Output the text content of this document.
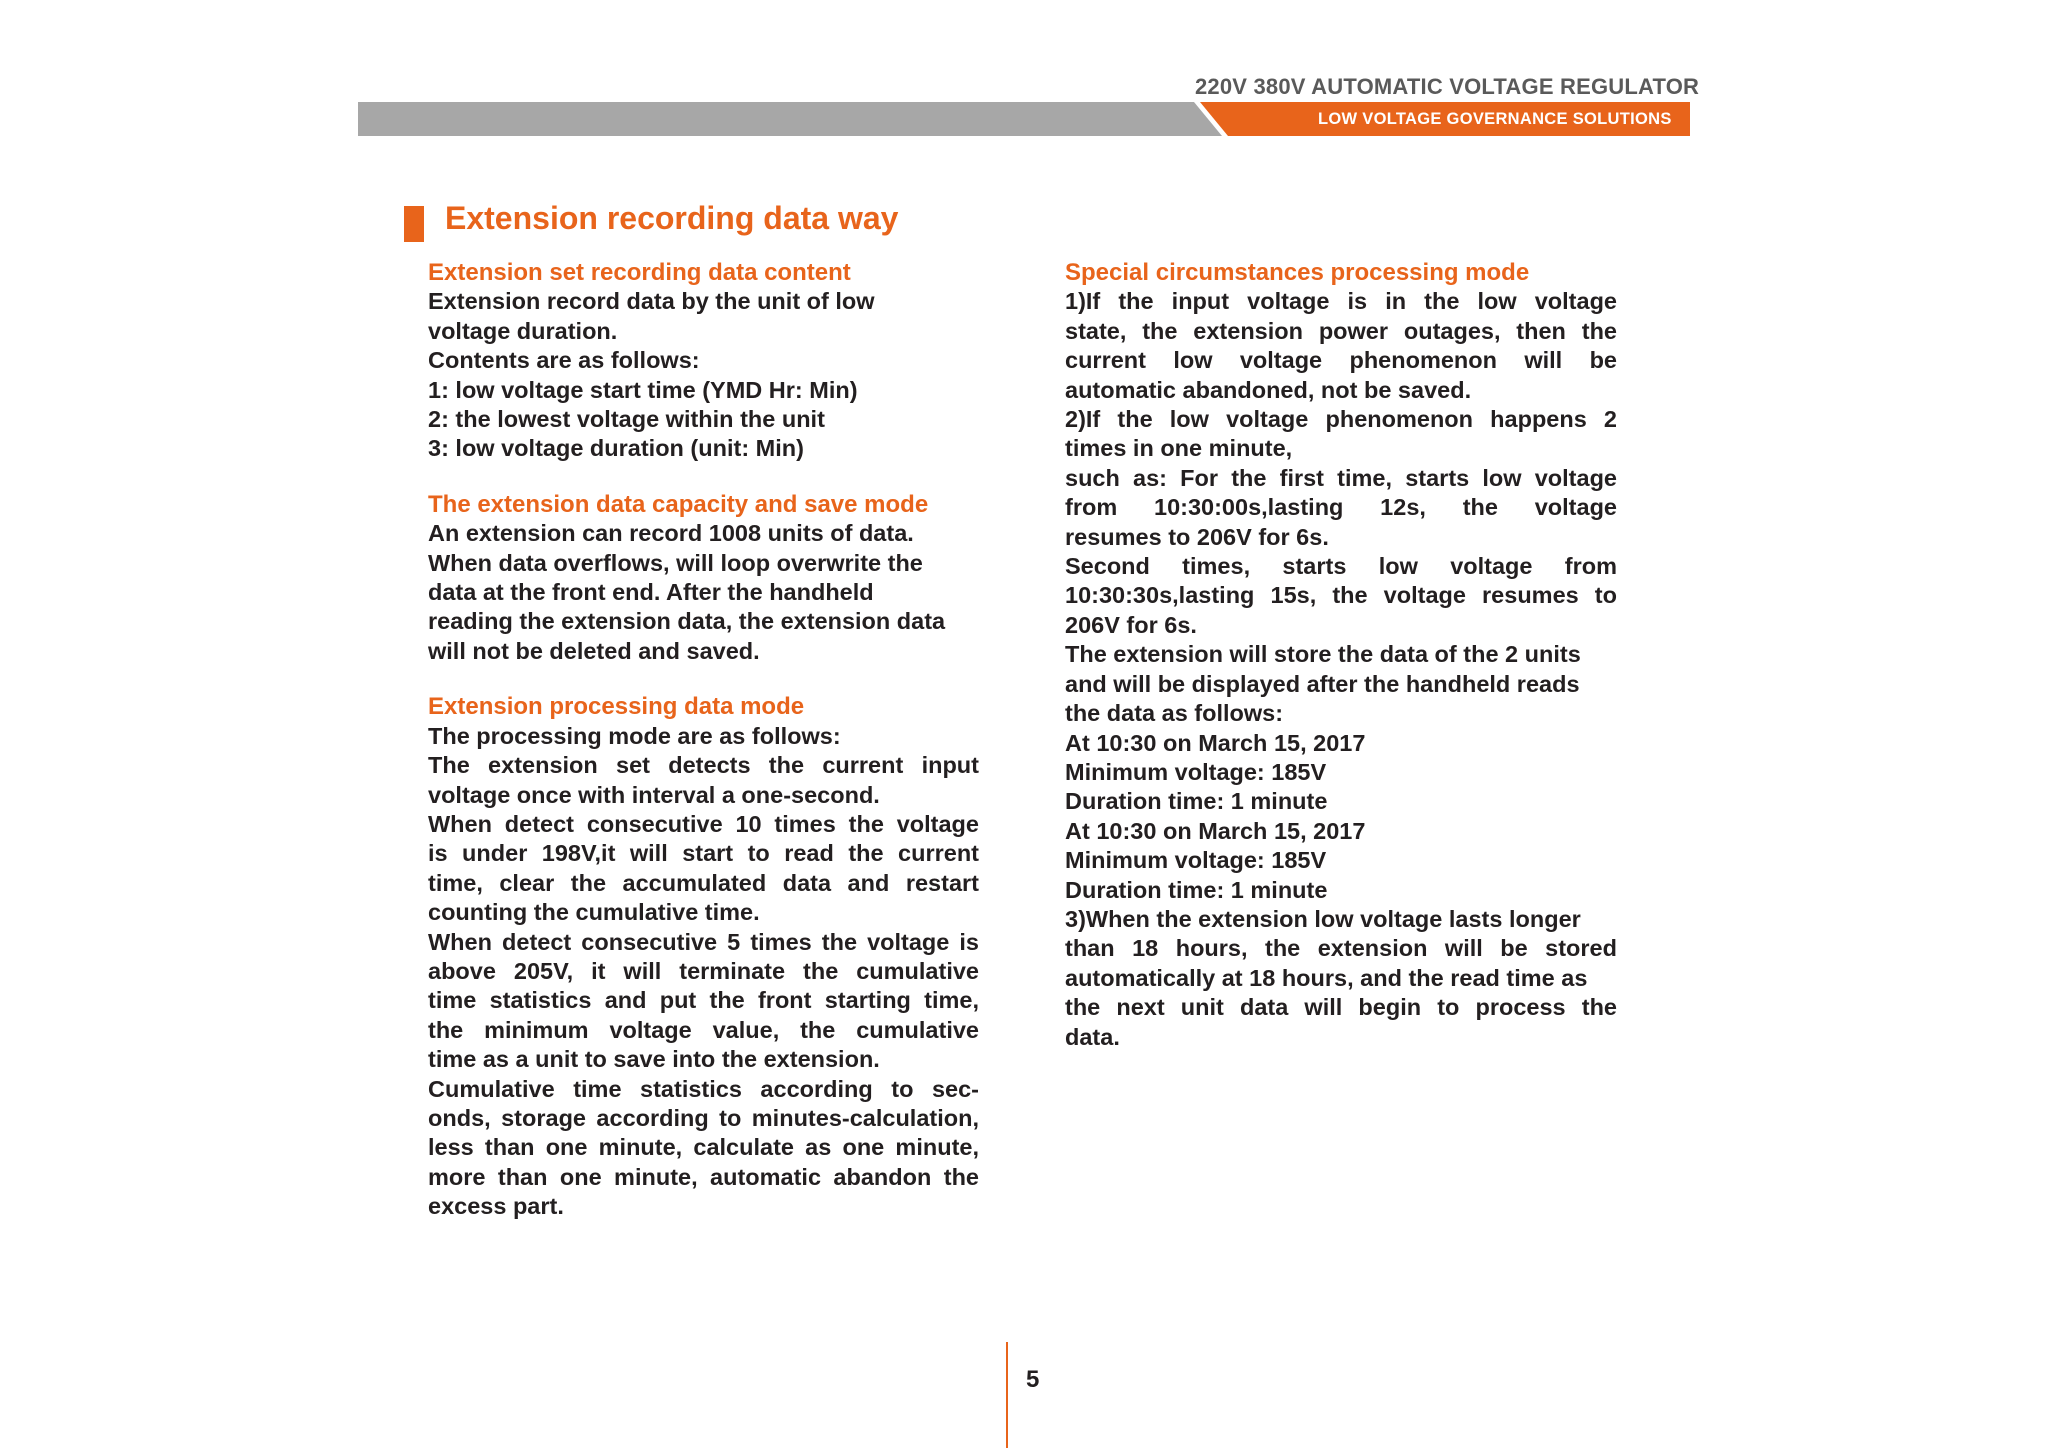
220V 380V AUTOMATIC VOLTAGE REGULATOR
LOW VOLTAGE GOVERNANCE SOLUTIONS
Extension recording data way
Extension set recording data content
Extension record data by the unit of low
voltage duration.
Contents are as follows:
1: low voltage start time (YMD Hr: Min)
2: the lowest voltage within the unit
3: low voltage duration (unit: Min)
The extension data capacity and save mode
An extension can record 1008 units of data.
When data overflows, will loop overwrite the
data at the front end. After the handheld
reading the extension data, the extension data
will not be deleted and saved.
Extension processing data mode
The processing mode are as follows:
The extension set detects the current input
voltage once with interval a one-second.
When detect consecutive 10 times the voltage
is under 198V,it will start to read the current
time, clear the accumulated data and restart
counting the cumulative time.
When detect consecutive 5 times the voltage is
above 205V, it will terminate the cumulative
time statistics and put the front starting time,
the minimum voltage value, the cumulative
time as a unit to save into the extension.
Cumulative time statistics according to sec-
onds, storage according to minutes-calculation,
less than one minute, calculate as one minute,
more than one minute, automatic abandon the
excess part.
Special circumstances processing mode
1)If the input voltage is in the low voltage
state, the extension power outages, then the
current low voltage phenomenon will be
automatic abandoned, not be saved.
2)If the low voltage phenomenon happens 2
times in one minute,
such as: For the first time, starts low voltage
from 10:30:00s,lasting 12s, the voltage
resumes to 206V for 6s.
Second times, starts low voltage from
10:30:30s,lasting 15s, the voltage resumes to
206V for 6s.
The extension will store the data of the 2 units
and will be displayed after the handheld reads
the data as follows:
At 10:30 on March 15, 2017
Minimum voltage: 185V
Duration time: 1 minute
At 10:30 on March 15, 2017
Minimum voltage: 185V
Duration time: 1 minute
3)When the extension low voltage lasts longer
than 18 hours, the extension will be stored
automatically at 18 hours, and the read time as
the next unit data will begin to process the
data.
5
